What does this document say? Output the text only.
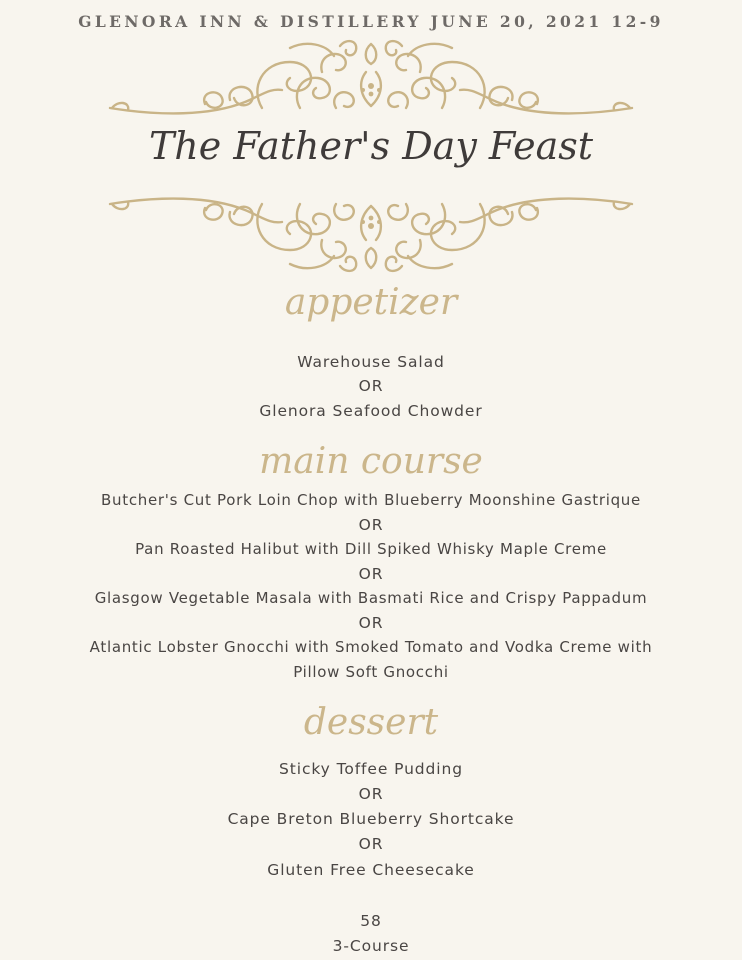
GLENORA INN & DISTILLERY JUNE 20, 2021 12-9
The Father's Day Feast
appetizer
Warehouse Salad
OR
Glenora Seafood Chowder
main course
Butcher's Cut Pork Loin Chop with Blueberry Moonshine Gastrique
OR
Pan Roasted Halibut with Dill Spiked Whisky Maple Creme
OR
Glasgow Vegetable Masala with Basmati Rice and Crispy Pappadum
OR
Atlantic Lobster Gnocchi with Smoked Tomato and Vodka Creme with
Pillow Soft Gnocchi
dessert
Sticky Toffee Pudding
OR
Cape Breton Blueberry Shortcake
OR
Gluten Free Cheesecake
58
3-Course
